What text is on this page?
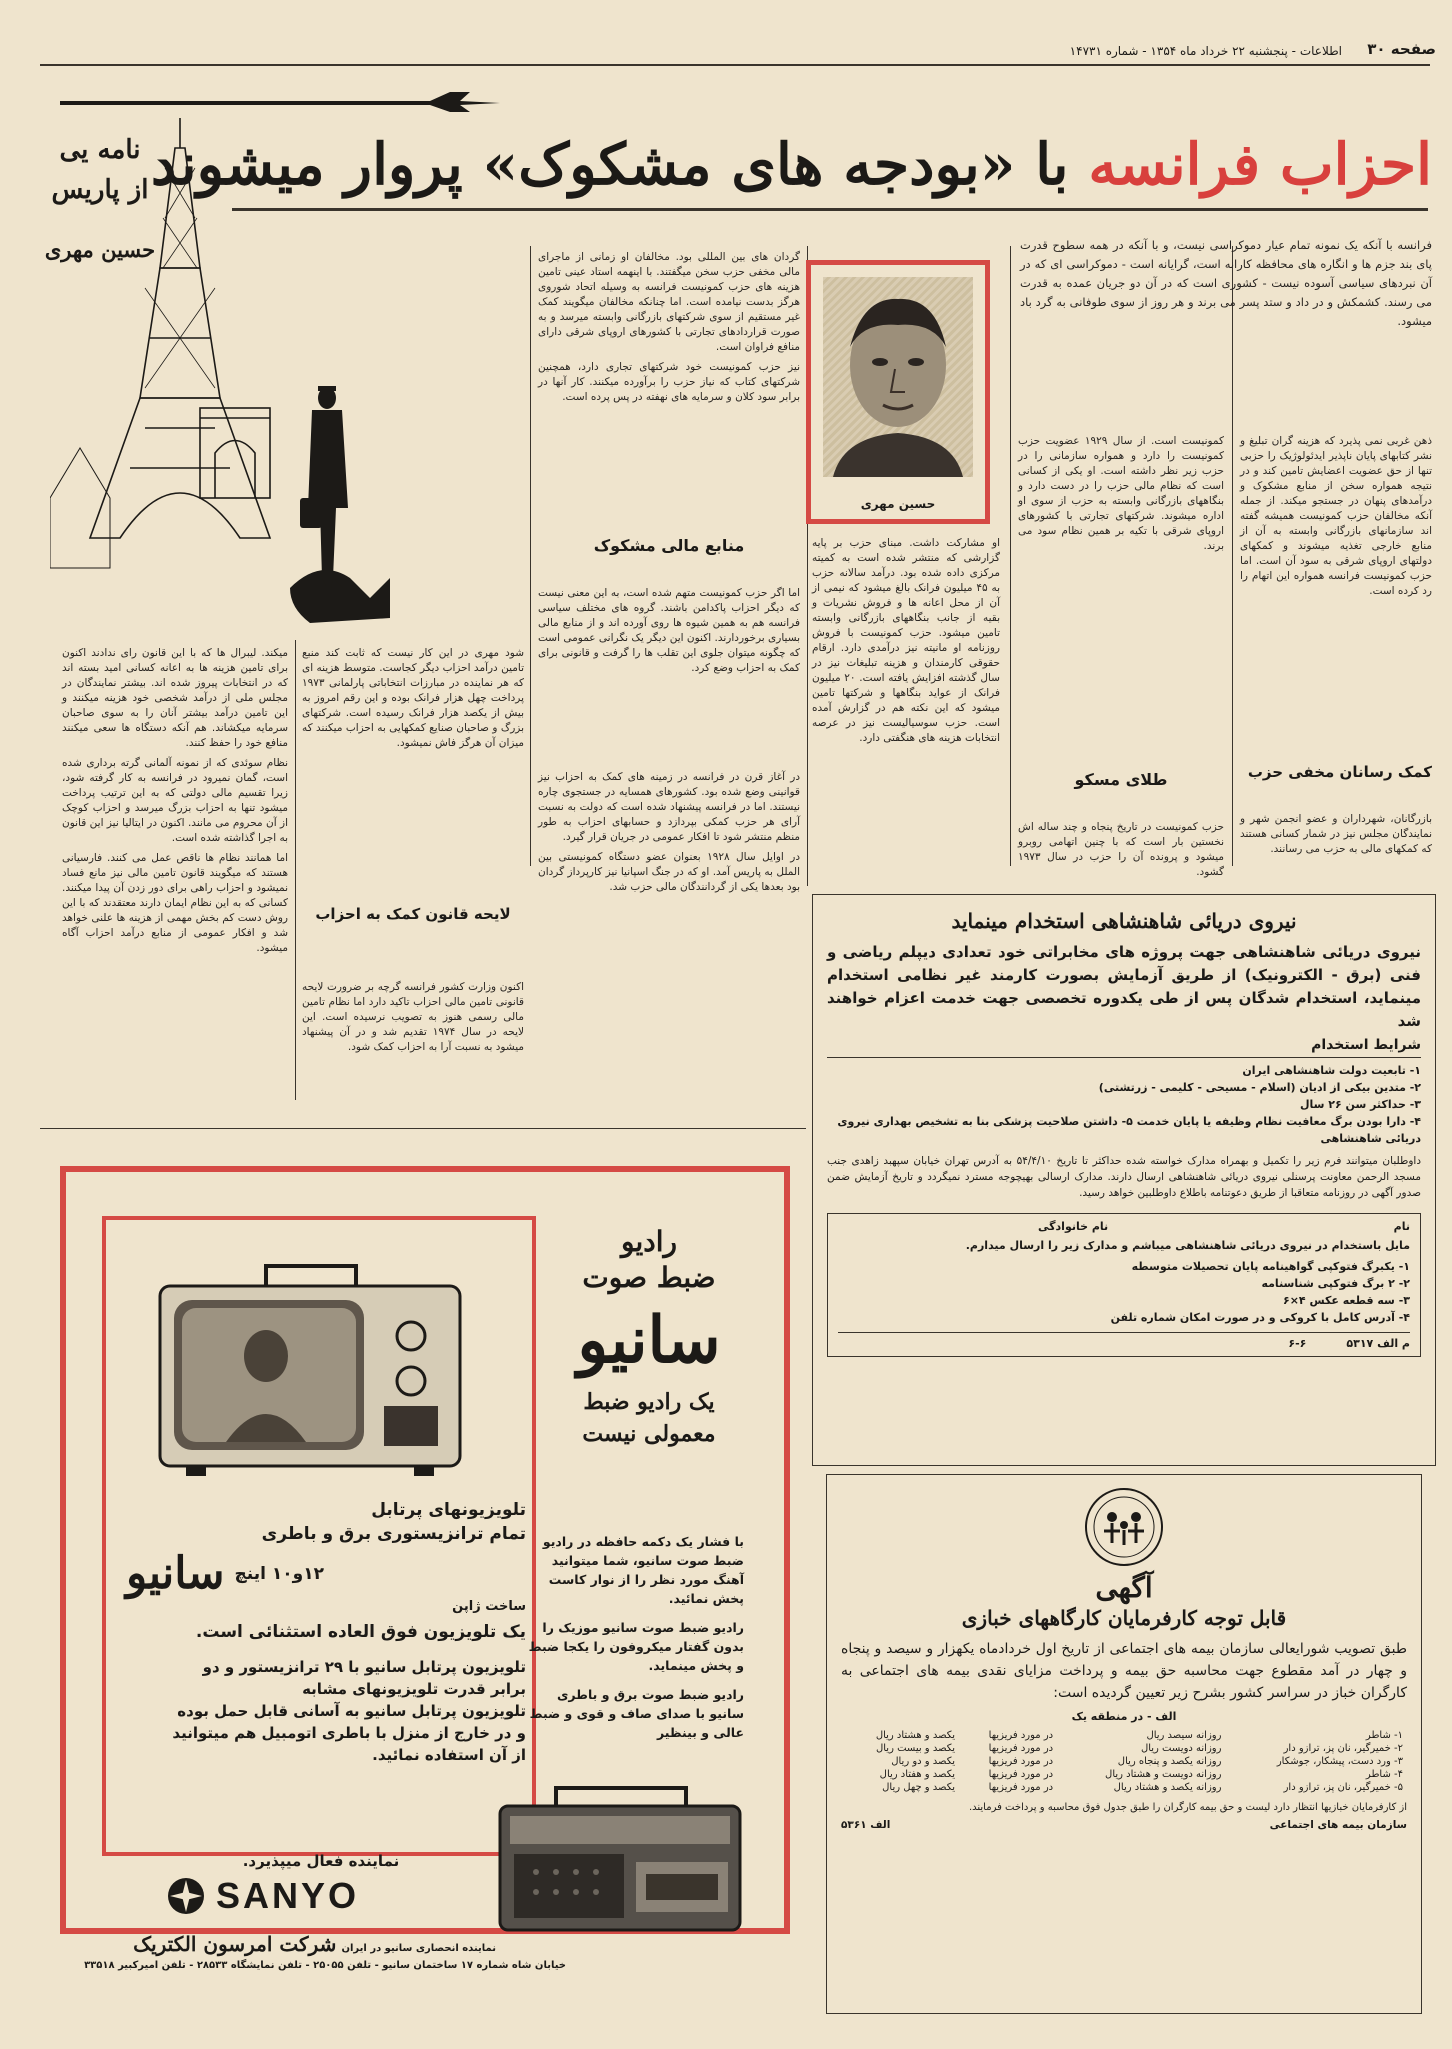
صفحه ۳۰
اطلاعات - پنجشنبه ۲۲ خرداد ماه ۱۳۵۴ - شماره ۱۴۷۳۱
احزاب فرانسه با «بودجه های مشکوک» پروار میشوند
نامه یی
از پاریس
حسین مهری	فرانسه با آنکه یک نمونه تمام عیار دموکراسی نیست، و با آنکه در همه سطوح قدرت پای بند جزم ها و انگاره های محافظه کارانه است، گرایانه است - دموکراسی ای که در آن نبردهای سیاسی آسوده نیست - کشوری است که در آن دو جریان عمده به قدرت می رسند. کشمکش و در داد و ستد پسر می برند و هر روز از سوی طوفانی به گرد باد میشود.

ذهن غربی نمی پذیرد که هزینه گران تبلیغ و نشر کتابهای پایان ناپذیر ایدئولوژیک را حزبی تنها از حق عضویت اعضایش تامین کند و در نتیجه همواره سخن از منابع مشکوک و درآمدهای پنهان در جستجو میکند. از جمله آنکه مخالفان حزب کمونیست همیشه گفته اند سازمانهای بازرگانی وابسته به آن از منابع خارجی تغذیه میشوند و کمکهای دولتهای اروپای شرقی به سود آن است. اما حزب کمونیست فرانسه همواره این اتهام را رد کرده است.

کمک رسانان مخفی حزب
بازرگانان، شهرداران و عضو انجمن شهر و نمایندگان مجلس نیز در شمار کسانی هستند که کمکهای مالی به حزب می رسانند.

کمونیست است. از سال ۱۹۲۹ عضویت حزب کمونیست را دارد و همواره سازمانی را در حزب زیر نظر داشته است. او یکی از کسانی است که نظام مالی حزب را در دست دارد و بنگاههای بازرگانی وابسته به حزب از سوی او اداره میشوند. شرکتهای تجارتی با کشورهای اروپای شرقی با تکیه بر همین نظام سود می برند.

طلای مسکو
حزب کمونیست در تاریخ پنجاه و چند ساله اش نخستین بار است که با چنین اتهامی روبرو میشود و پرونده آن را حزب در سال ۱۹۷۳ گشود.
حسین مهری

او مشارکت داشت. مبنای حزب بر پایه گزارشی که منتشر شده است به کمیته مرکزی داده شده بود. درآمد سالانه حزب به ۴۵ میلیون فرانک بالغ میشود که نیمی از آن از محل اعانه ها و فروش نشریات و بقیه از جانب بنگاههای بازرگانی وابسته تامین میشود. حزب کمونیست با فروش روزنامه او مانیته نیز درآمدی دارد. ارقام حقوقی کارمندان و هزینه تبلیغات نیز در سال گذشته افزایش یافته است. ۲۰ میلیون فرانک از عواید بنگاهها و شرکتها تامین میشود که این نکته هم در گزارش آمده است. حزب سوسیالیست نیز در عرصه انتخابات هزینه های هنگفتی دارد.

گردان های بین المللی بود. مخالفان او زمانی از ماجرای مالی مخفی حزب سخن میگفتند. با اینهمه استاد عینی تامین هزینه های حزب کمونیست فرانسه به وسیله اتحاد شوروی هرگز بدست نیامده است. اما چنانکه مخالفان میگویند کمک غیر مستقیم از سوی شرکتهای بازرگانی وابسته میرسد و به صورت قراردادهای تجارتی با کشورهای اروپای شرقی دارای منافع فراوان است.

نیز حزب کمونیست خود شرکتهای تجاری دارد، همچنین شرکتهای کتاب که نیاز حزب را برآورده میکنند. کار آنها در برابر سود کلان و سرمایه های نهفته در پس پرده است.

منابع مالی مشکوک
اما اگر حزب کمونیست متهم شده است، به این معنی نیست که دیگر احزاب پاکدامن باشند. گروه های مختلف سیاسی فرانسه هم به همین شیوه ها روی آورده اند و از منابع مالی بسیاری برخوردارند. اکنون این دیگر یک نگرانی عمومی است که چگونه میتوان جلوی این تقلب ها را گرفت و قانونی برای کمک به احزاب وضع کرد.

در آغاز قرن در فرانسه در زمینه های کمک به احزاب نیز قوانینی وضع شده بود. کشورهای همسایه در جستجوی چاره نیستند. اما در فرانسه پیشنهاد شده است که دولت به نسبت آرای هر حزب کمکی بپردازد و حسابهای احزاب به طور منظم منتشر شود تا افکار عمومی در جریان قرار گیرد.

در اوایل سال ۱۹۲۸ بعنوان عضو دستگاه کمونیستی بین الملل به پاریس آمد. او که در جنگ اسپانیا نیز کارپرداز گردان بود بعدها یکی از گردانندگان مالی حزب شد.

شود مهری در این کار نیست که ثابت کند منبع تامین درآمد احزاب دیگر کجاست. متوسط هزینه ای که هر نماینده در مبارزات انتخاباتی پارلمانی ۱۹۷۳ پرداخت چهل هزار فرانک بوده و این رقم امروز به بیش از یکصد هزار فرانک رسیده است. شرکتهای بزرگ و صاحبان صنایع کمکهایی به احزاب میکنند که میزان آن هرگز فاش نمیشود.
لایحه قانون کمک به احزاب
اکنون وزارت کشور فرانسه گرچه بر ضرورت لایحه قانونی تامین مالی احزاب تاکید دارد اما نظام تامین مالی رسمی هنوز به تصویب نرسیده است. این لایحه در سال ۱۹۷۴ تقدیم شد و در آن پیشنهاد میشود به نسبت آرا به احزاب کمک شود.

میکند. لیبرال ها که با این قانون رای ندادند اکنون برای تامین هزینه ها به اعانه کسانی امید بسته اند که در انتخابات پیروز شده اند. بیشتر نمایندگان در مجلس ملی از درآمد شخصی خود هزینه میکنند و این تامین درآمد بیشتر آنان را به سوی صاحبان سرمایه میکشاند. هم آنکه دستگاه ها سعی میکنند منافع خود را حفظ کنند.

نظام سوئدی که از نمونه آلمانی گرته برداری شده است، گمان نمیرود در فرانسه به کار گرفته شود، زیرا تقسیم مالی دولتی که به این ترتیب پرداخت میشود تنها به احزاب بزرگ میرسد و احزاب کوچک از آن محروم می مانند. اکنون در ایتالیا نیز این قانون به اجرا گذاشته شده است.

اما همانند نظام ها ناقص عمل می کنند. فارسیانی هستند که میگویند قانون تامین مالی نیز مانع فساد نمیشود و احزاب راهی برای دور زدن آن پیدا میکنند. کسانی که به این نظام ایمان دارند معتقدند که با این روش دست کم بخش مهمی از هزینه ها علنی خواهد شد و افکار عمومی از منابع درآمد احزاب آگاه میشود.

نیروی دریائی شاهنشاهی استخدام مینماید
نیروی دریائی شاهنشاهی جهت پروژه های مخابراتی خود تعدادی دیپلم ریاضی و فنی (برق - الکترونیک) از طریق آزمایش بصورت کارمند غیر نظامی استخدام مینماید، استخدام شدگان پس از طی یکدوره تخصصی جهت خدمت اعزام خواهند شد
شرایط استخدام
۱- تابعیت دولت شاهنشاهی ایران
۲- متدین بیکی از ادیان (اسلام - مسیحی - کلیمی - زرتشتی)
۳- حداکثر سن ۲۶ سال
۴- دارا بودن برگ معافیت نظام وظیفه یا پایان خدمت ۵- داشتن صلاحیت پزشکی بنا به تشخیص بهداری نیروی دریائی شاهنشاهی
داوطلبان میتوانند فرم زیر را تکمیل و بهمراه مدارک خواسته شده حداکثر تا تاریخ ۵۴/۴/۱۰ به آدرس تهران خیابان سپهبد زاهدی جنب مسجد الرحمن معاونت پرسنلی نیروی دریائی شاهنشاهی ارسال دارند. مدارک ارسالی بهیچوجه مسترد نمیگردد و تاریخ آزمایش ضمن صدور آگهی در روزنامه متعاقبا از طریق دعوتنامه باطلاع داوطلبین خواهد رسید.
نام
نام خانوادگی
مایل باستخدام در نیروی دریائی شاهنشاهی میباشم و مدارک زیر را ارسال میدارم.
۱- یکبرگ فتوکپی گواهینامه پایان تحصیلات متوسطه
۲- ۲ برگ فتوکپی شناسنامه
۳- سه قطعه عکس ۴×۶
۴- آدرس کامل با کروکی و در صورت امکان شماره تلفن
م الف ۵۳۱۷
۶-۶
آگهی
قابل توجه کارفرمایان کارگاههای خبازی
طبق تصویب شورایعالی سازمان بیمه های اجتماعی از تاریخ اول خردادماه یکهزار و سیصد و پنجاه و چهار در آمد مقطوع جهت محاسبه حق بیمه و پرداخت مزایای نقدی بیمه های اجتماعی به کارگران خباز در سراسر کشور بشرح زیر تعیین گردیده است:
الف - در منطقه یک
۱- شاطر	روزانه سیصد ریال	در مورد فریزیها	یکصد و هشتاد ریال
۲- خمیرگیر، نان پز، ترازو دار	روزانه دویست ریال	در مورد فریزیها	یکصد و بیست ریال
۳- ورد دست، پیشکار، جوشکار	روزانه یکصد و پنجاه ریال	در مورد فریزیها	یکصد و دو ریال
۴- شاطر	روزانه دویست و هشتاد ریال	در مورد فریزیها	یکصد و هفتاد ریال
۵- خمیرگیر، نان پز، ترازو دار	روزانه یکصد و هشتاد ریال	در مورد فریزیها	یکصد و چهل ریال
از کارفرمایان خبازیها انتظار دارد لیست و حق بیمه کارگران را طبق جدول فوق محاسبه و پرداخت فرمایند.
سازمان بیمه های اجتماعی
الف ۵۳۶۱
رادیو
ضبط صوت
سانیو
یک رادیو ضبط
معمولی نیست
تلویزیونهای پرتابل
تمام ترانزیستوری برق و باطری
۱۲و۱۰ اینچ
سانیو
ساخت ژاپن
یک تلویزیون فوق العاده استثنائی است.
تلویزیون پرتابل سانیو با ۲۹ ترانزیستور و دو برابر قدرت تلویزیونهای مشابه
تلویزیون پرتابل سانیو به آسانی قابل حمل بوده و در خارج از منزل با باطری اتومبیل هم میتوانید از آن استفاده نمائید.
با فشار یک دکمه حافظه در رادیو ضبط صوت سانیو، شما میتوانید آهنگ مورد نظر را از نوار کاست پخش نمائید.
رادیو ضبط صوت سانیو موزیک را بدون گفتار میکروفون را یکجا ضبط و پخش مینماید.
رادیو ضبط صوت برق و باطری سانیو با صدای صاف و قوی و ضبط عالی و بینظیر
نماینده فعال میپذیرد.
SANYO
نماینده انحصاری سانیو در ایران شرکت امرسون الکتریک
خیابان شاه شماره ۱۷ ساختمان سانیو - تلفن ۲۵۰۵۵ - تلفن نمایشگاه ۲۸۵۳۳ - تلفن امیرکبیر ۳۳۵۱۸
